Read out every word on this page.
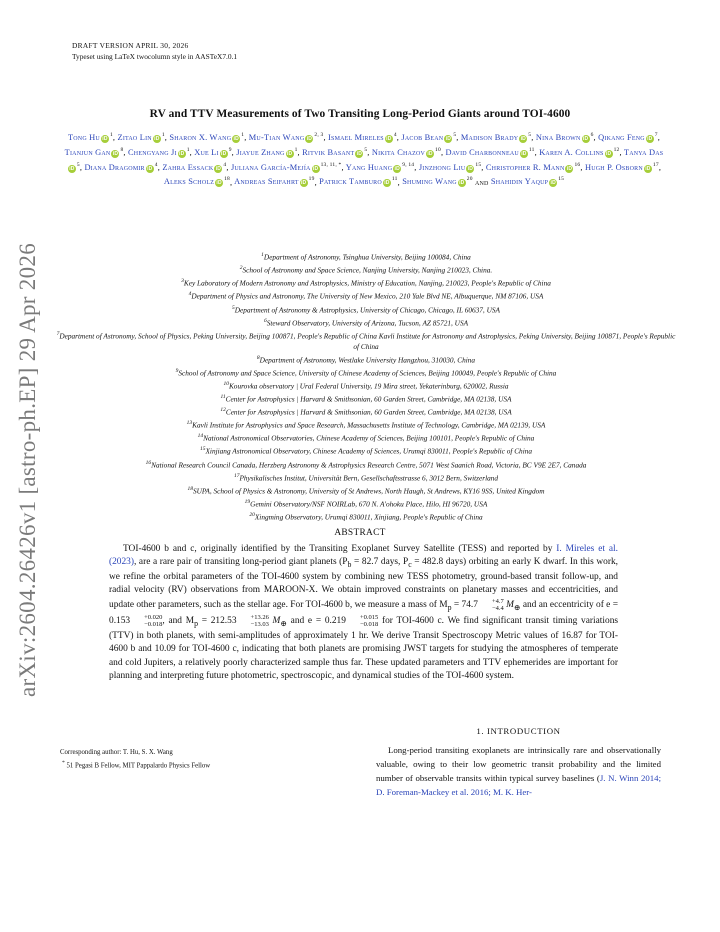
arXiv:2604.26426v1 [astro-ph.EP] 29 Apr 2026
DRAFT VERSION APRIL 30, 2026
Typeset using LaTeX twocolumn style in AASTeX7.0.1
RV and TTV Measurements of Two Transiting Long-Period Giants around TOI-4600
Tong Hu $iD^1$, Zitao Lin $iD^1$, Sharon X. Wang $iD^1$, Mu-Tian Wang iD$^{2, 3}$, Ismael Mireles $iD^4$, Jacob Bean $iD^5$, Madison Brady $iD^5$, Nina Brown $iD^6$, Qikang Feng $iD^7$, Tianjun Gan $iD^8$, Chengyang Ji $iD^1$, Xue Li $iD^9$, Jiayue Zhang $iD^1$, Ritvik Basant $iD^5$, Nikita Chazov $iD^{10}$, David Charbonneau $iD^{11}$, Karen A. Collins $iD^{12}$, Tanya DasiD$^5$, Diana Dragomir $iD^4$, Zahra Essack $iD^4$, Juliana García-Mejía $iD^{13, 11, *}$, Yang Huang iD$^{9, 14}$, Jinzhong Liu $iD^{15}$, Christopher R. Mann $iD^{16}$, Hugh P. Osborn $iD^{17}$, Aleks Scholz $iD^{18}$, Andreas Seifahrt $iD^{19}$, Patrick Tamburo $iD^{11}$, Shuming Wang $iD^{20}$ and Shahidin Yaqup $iD^{15}$
$^1$Department of Astronomy, Tsinghua University, Beijing 100084, China
$^2$School of Astronomy and Space Science, Nanjing University, Nanjing 210023, China.
$^3$Key Laboratory of Modern Astronomy and Astrophysics, Ministry of Education, Nanjing, 210023, People's Republic of China
$^4$Department of Physics and Astronomy, The University of New Mexico, 210 Yale Blvd NE, Albuquerque, NM 87106, USA
$^5$Department of Astronomy & Astrophysics, University of Chicago, Chicago, IL 60637, USA
$^6$Steward Observatory, University of Arizona, Tucson, AZ 85721, USA
$^7$Department of Astronomy, School of Physics, Peking University, Beijing 100871, People's Republic of China Kavli Institute for Astronomy and Astrophysics, Peking University, Beijing 100871, People's Republic of China
$^8$Department of Astronomy, Westlake University Hangzhou, 310030, China
$^9$School of Astronomy and Space Science, University of Chinese Academy of Sciences, Beijing 100049, People's Republic of China
$^{10}$Kourovka observatory | Ural Federal University, 19 Mira street, Yekaterinburg, 620002, Russia
$^{11}$Center for Astrophysics | Harvard & Smithsonian, 60 Garden Street, Cambridge, MA 02138, USA
$^{12}$Center for Astrophysics | Harvard & Smithsonian, 60 Garden Street, Cambridge, MA 02138, USA
$^{13}$Kavli Institute for Astrophysics and Space Research, Massachusetts Institute of Technology, Cambridge, MA 02139, USA
$^{14}$National Astronomical Observatories, Chinese Academy of Sciences, Beijing 100101, People's Republic of China
$^{15}$Xinjiang Astronomical Observatory, Chinese Academy of Sciences, Urumqi 830011, People's Republic of China
$^{16}$National Research Council Canada, Herzberg Astronomy & Astrophysics Research Centre, 5071 West Saanich Road, Victoria, BC V9E 2E7, Canada
$^{17}$Physikalisches Institut, Universität Bern, Gesellschaftsstrasse 6, 3012 Bern, Switzerland
$^{18}$SUPA, School of Physics & Astronomy, University of St Andrews, North Haugh, St Andrews, KY16 9SS, United Kingdom
$^{19}$Gemini Observatory/NSF NOIRLab, 670 N. A'ohoku Place, Hilo, HI 96720, USA
$^{20}$Xingming Observatory, Urumqi 830011, Xinjiang, People's Republic of China
ABSTRACT
TOI-4600 b and c, originally identified by the Transiting Exoplanet Survey Satellite (TESS) and reported by I. Mireles et al. (2023), are a rare pair of transiting long-period giant planets ($P_b = 82.7$ days, $P_c = 482.8$ days) orbiting an early K dwarf. In this work, we refine the orbital parameters of the TOI-4600 system by combining new TESS photometry, ground-based transit follow-up, and radial velocity (RV) observations from MAROON-X. We obtain improved constraints on planetary masses and eccentricities, and update other parameters, such as the stellar age. For TOI-4600 b, we measure a mass of $M_p = 74.7$	+4.7
−4.4 $M_\oplus$ and an eccentricity of e = 0.153	+0.020
−0.018 , and $M_p = 212.53$	+13.26
−13.03 $M_\oplus$ and e = 0.219	+0.015
−0.018 for TOI-4600 c. We find significant transit timing variations (TTV) in both planets, with semi-amplitudes of approximately 1 hr. We derive Transit Spectroscopy Metric values of 16.87 for TOI-4600 b and 10.09 for TOI-4600 c, indicating that both planets are promising JWST targets for studying the atmospheres of temperate and cold Jupiters, a relatively poorly characterized sample thus far. These updated parameters and TTV ephemerides are important for planning and interpreting future photometric, spectroscopic, and dynamical studies of the TOI-4600 system.
1. INTRODUCTION
Long-period transiting exoplanets are intrinsically rare and observationally valuable, owing to their low geometric transit probability and the limited number of observable transits within typical survey baselines (J. N. Winn 2014; D. Foreman-Mackey et al. 2016; M. K. Her-
Corresponding author: T. Hu, S. X. Wang
* 51 Pegasi B Fellow, MIT Pappalardo Physics Fellow
